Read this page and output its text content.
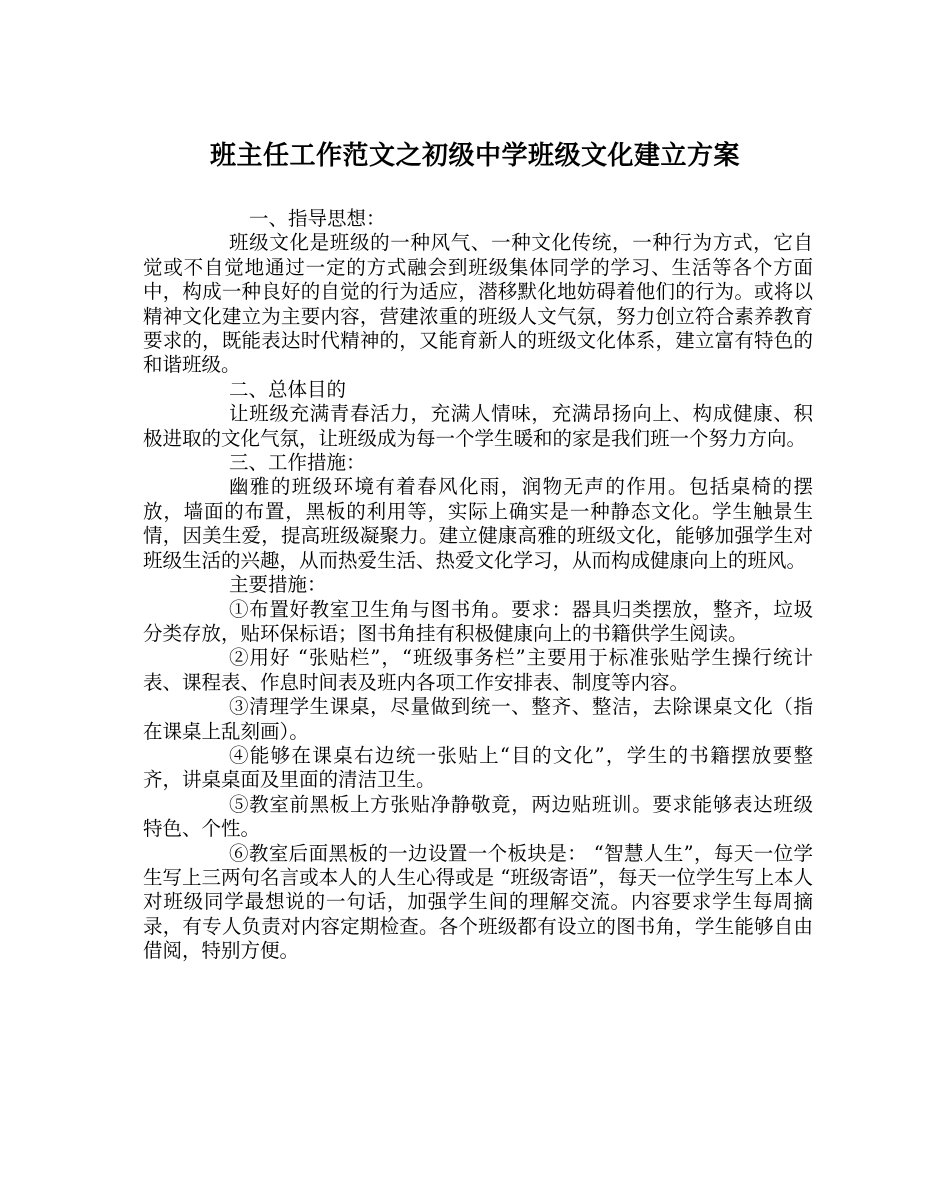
班主任工作范文之初级中学班级文化建立方案

一、指导思想：

班级文化是班级的一种风气、一种文化传统，一种行为方式，它自觉或不自觉地通过一定的方式融会到班级集体同学的学习、生活等各个方面中，构成一种良好的自觉的行为适应，潜移默化地妨碍着他们的行为。或将以精神文化建立为主要内容，营建浓重的班级人文气氛，努力创立符合素养教育要求的，既能表达时代精神的，又能育新人的班级文化体系，建立富有特色的和谐班级。

二、总体目的

让班级充满青春活力，充满人情味，充满昂扬向上、构成健康、积极进取的文化气氛，让班级成为每一个学生暖和的家是我们班一个努力方向。

三、工作措施：

幽雅的班级环境有着春风化雨，润物无声的作用。包括桌椅的摆放，墙面的布置，黑板的利用等，实际上确实是一种静态文化。学生触景生情，因美生爱，提高班级凝聚力。建立健康高雅的班级文化，能够加强学生对班级生活的兴趣，从而热爱生活、热爱文化学习，从而构成健康向上的班风。

主要措施：

①布置好教室卫生角与图书角。要求：器具归类摆放，整齐，垃圾分类存放，贴环保标语；图书角挂有积极健康向上的书籍供学生阅读。

②用好 “张贴栏”，“班级事务栏”主要用于标准张贴学生操行统计表、课程表、作息时间表及班内各项工作安排表、制度等内容。

③清理学生课桌，尽量做到统一、整齐、整洁，去除课桌文化（指在课桌上乱刻画）。

④能够在课桌右边统一张贴上“目的文化”，学生的书籍摆放要整齐，讲桌桌面及里面的清洁卫生。

⑤教室前黑板上方张贴净静敬竟，两边贴班训。要求能够表达班级特色、个性。

⑥教室后面黑板的一边设置一个板块是： “智慧人生”，每天一位学生写上三两句名言或本人的人生心得或是 “班级寄语”，每天一位学生写上本人对班级同学最想说的一句话，加强学生间的理解交流。内容要求学生每周摘录，有专人负责对内容定期检查。各个班级都有设立的图书角，学生能够自由借阅，特别方便。
